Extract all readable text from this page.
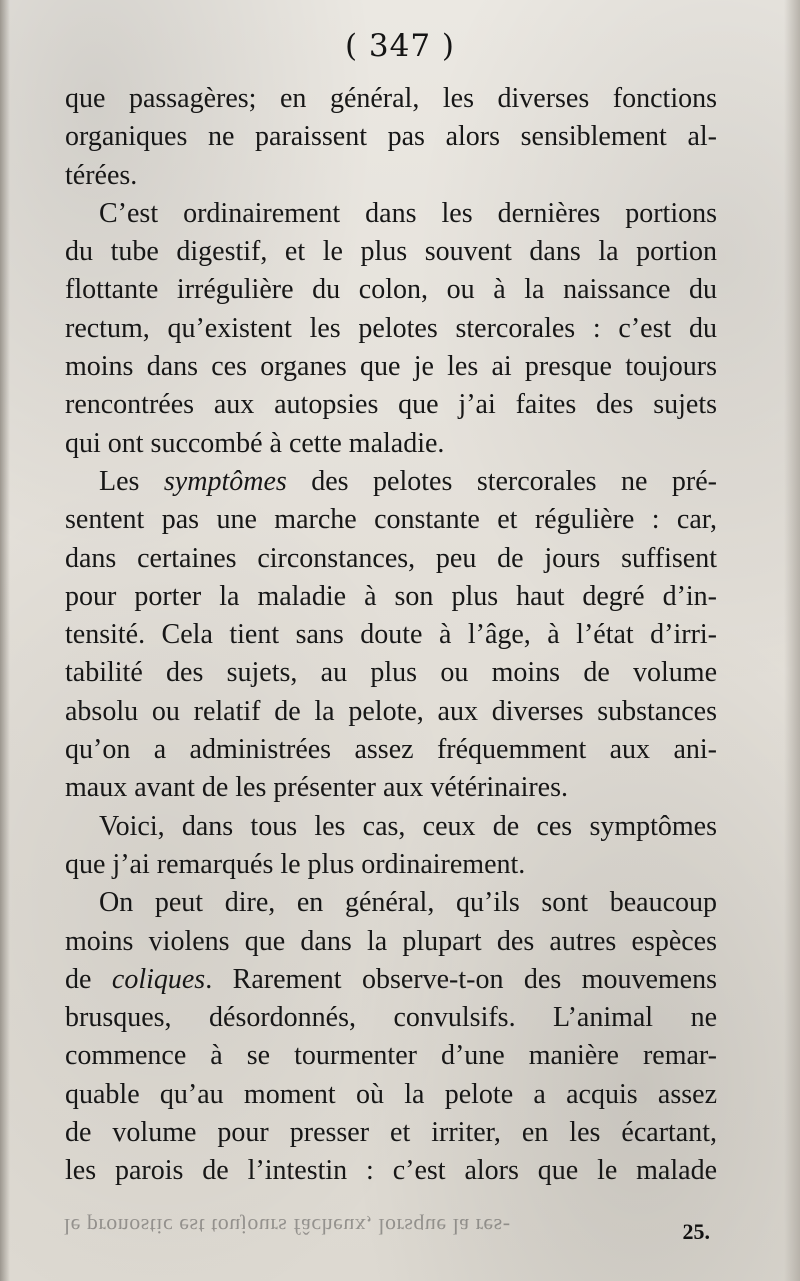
( 347 )
que passagères; en général, les diverses fonctions
organiques ne paraissent pas alors sensiblement al-
térées.
C’est ordinairement dans les dernières portions
du tube digestif, et le plus souvent dans la portion
flottante irrégulière du colon, ou à la naissance du
rectum, qu’existent les pelotes stercorales : c’est du
moins dans ces organes que je les ai presque toujours
rencontrées aux autopsies que j’ai faites des sujets
qui ont succombé à cette maladie.
Les symptômes des pelotes stercorales ne pré-
sentent pas une marche constante et régulière : car,
dans certaines circonstances, peu de jours suffisent
pour porter la maladie à son plus haut degré d’in-
tensité. Cela tient sans doute à l’âge, à l’état d’irri-
tabilité des sujets, au plus ou moins de volume
absolu ou relatif de la pelote, aux diverses substances
qu’on a administrées assez fréquemment aux ani-
maux avant de les présenter aux vétérinaires.
Voici, dans tous les cas, ceux de ces symptômes
que j’ai remarqués le plus ordinairement.
On peut dire, en général, qu’ils sont beaucoup
moins violens que dans la plupart des autres espèces
de coliques. Rarement observe-t-on des mouvemens
brusques, désordonnés, convulsifs. L’animal ne
commence à se tourmenter d’une manière remar-
quable qu’au moment où la pelote a acquis assez
de volume pour presser et irriter, en les écartant,
les parois de l’intestin : c’est alors que le malade
le pronostic est toujours fâcheux, lorsque la res-	25.
